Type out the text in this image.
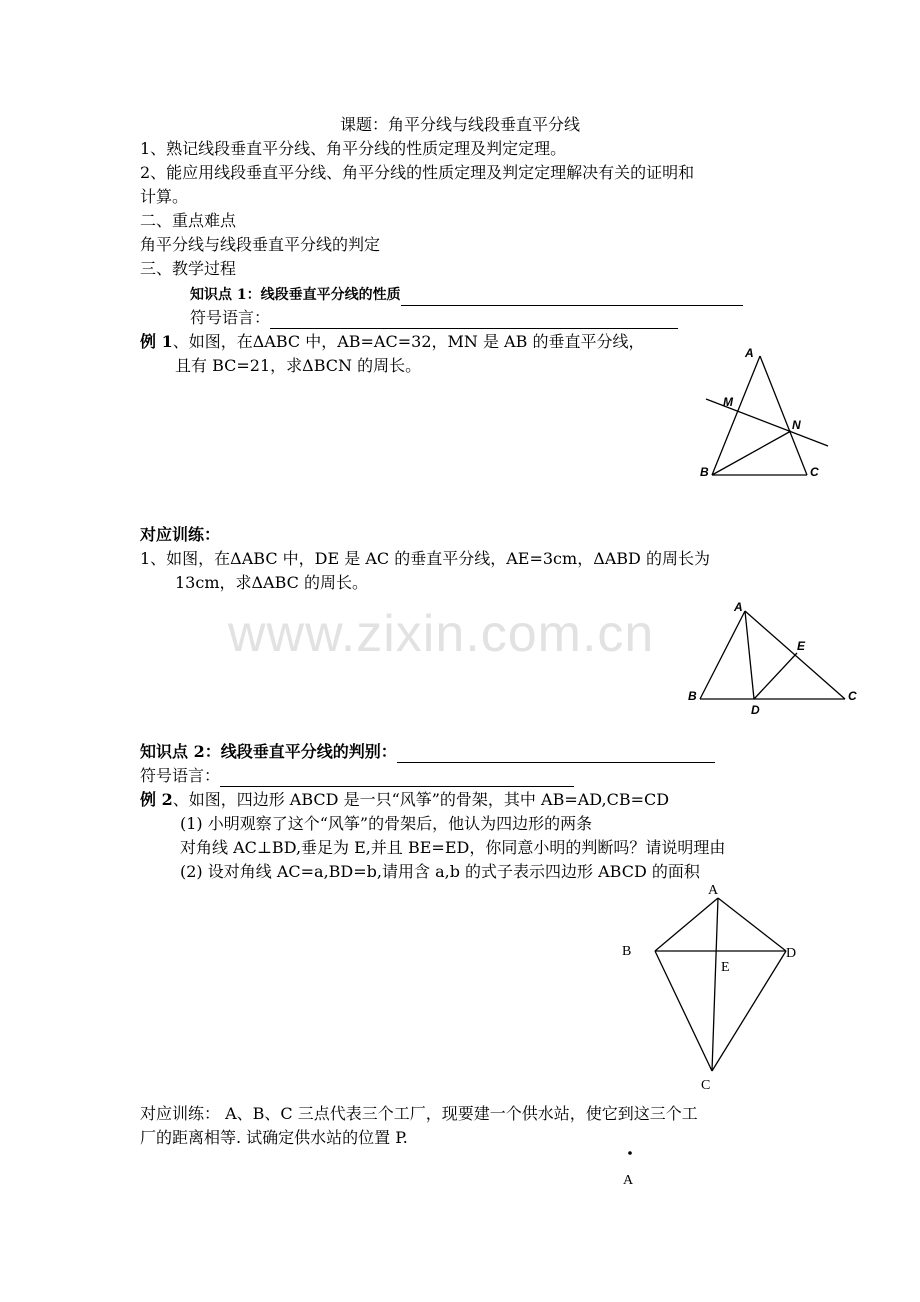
课题：角平分线与线段垂直平分线
1、熟记线段垂直平分线、角平分线的性质定理及判定定理。
2、能应用线段垂直平分线、角平分线的性质定理及判定定理解决有关的证明和
计算。
二、重点难点
角平分线与线段垂直平分线的判定
三、教学过程
知识点 1：线段垂直平分线的性质
符号语言：
例 1、如图，在ΔABC 中，AB=AC=32，MN 是 AB 的垂直平分线，
且有 BC=21，求ΔBCN 的周长。
A
M
N
B	C
对应训练：
1、如图，在ΔABC 中，DE 是 AC 的垂直平分线，AE=3cm，ΔABD 的周长为
13cm，求ΔABC 的周长。
www.zixin.com.cn	A
E
B
D
C
知识点 2：线段垂直平分线的判别：
符号语言：
例 2、如图，四边形 ABCD 是一只“风筝”的骨架，其中 AB=AD,CB=CD
(1) 小明观察了这个“风筝”的骨架后，他认为四边形的两条
对角线 AC⊥BD,垂足为 E,并且 BE=ED，你同意小明的判断吗？请说明理由
(2) 设对角线 AC=a,BD=b,请用含 a,b 的式子表示四边形 ABCD 的面积
A
B	D
E
C
对应训练： A、B、C 三点代表三个工厂，现要建一个供水站，使它到这三个工
厂的距离相等. 试确定供水站的位置 P.
A
